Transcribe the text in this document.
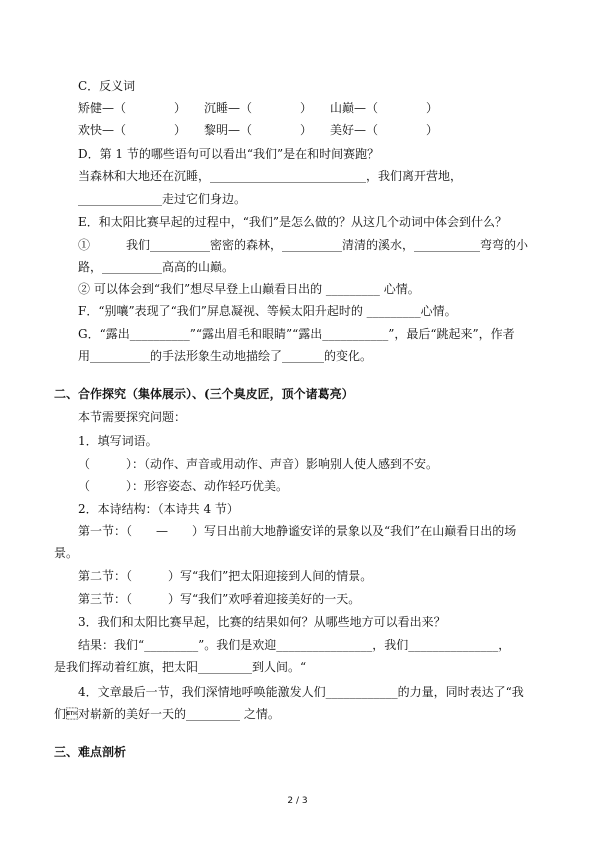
C．反义词
矫健—（　　　　）　　沉睡—（　　　　）　　山巅—（　　　　）
欢快—（　　　　）　　黎明—（　　　　）　　美好—（　　　　）
D．第 1 节的哪些语句可以看出“我们”是在和时间赛跑？
当森林和大地还在沉睡，__________________________，我们离开营地，
______________走过它们身边。
E．和太阳比赛早起的过程中，“我们”是怎么做的？从这几个动词中体会到什么？
①　　　我们__________密密的森林，__________清清的溪水，___________弯弯的小
路，__________高高的山巅。
② 可以体会到“我们”想尽早登上山巅看日出的 _________ 心情。
F．“别嚷”表现了“我们”屏息凝视、等候太阳升起时的 _________心情。
G．“露出__________”“露出眉毛和眼睛”“露出___________”，最后“跳起来”，作者
用__________的手法形象生动地描绘了_______的变化。
二、合作探究（集体展示）、(三个臭皮匠，顶个诸葛亮）
本节需要探究问题：
1．填写词语。
（　　　）：（动作、声音或用动作、声音）影响别人使人感到不安。
（　　　）：形容姿态、动作轻巧优美。
2．本诗结构：（本诗共 4 节）
第一节：（　　—　　）写日出前大地静谧安详的景象以及“我们”在山巅看日出的场
景。
第二节：（　　　）写“我们”把太阳迎接到人间的情景。
第三节：（　　　）写“我们”欢呼着迎接美好的一天。
3．我们和太阳比赛早起，比赛的结果如何？从哪些地方可以看出来？
结果：我们“_________”。我们是欢迎________________，我们_______________，
是我们挥动着红旗，把太阳_________到人间。“
4．文章最后一节，我们深情地呼唤能激发人们____________的力量，同时表达了“我
们对崭新的美好一天的_________ 之情。
三、难点剖析
2 / 3
